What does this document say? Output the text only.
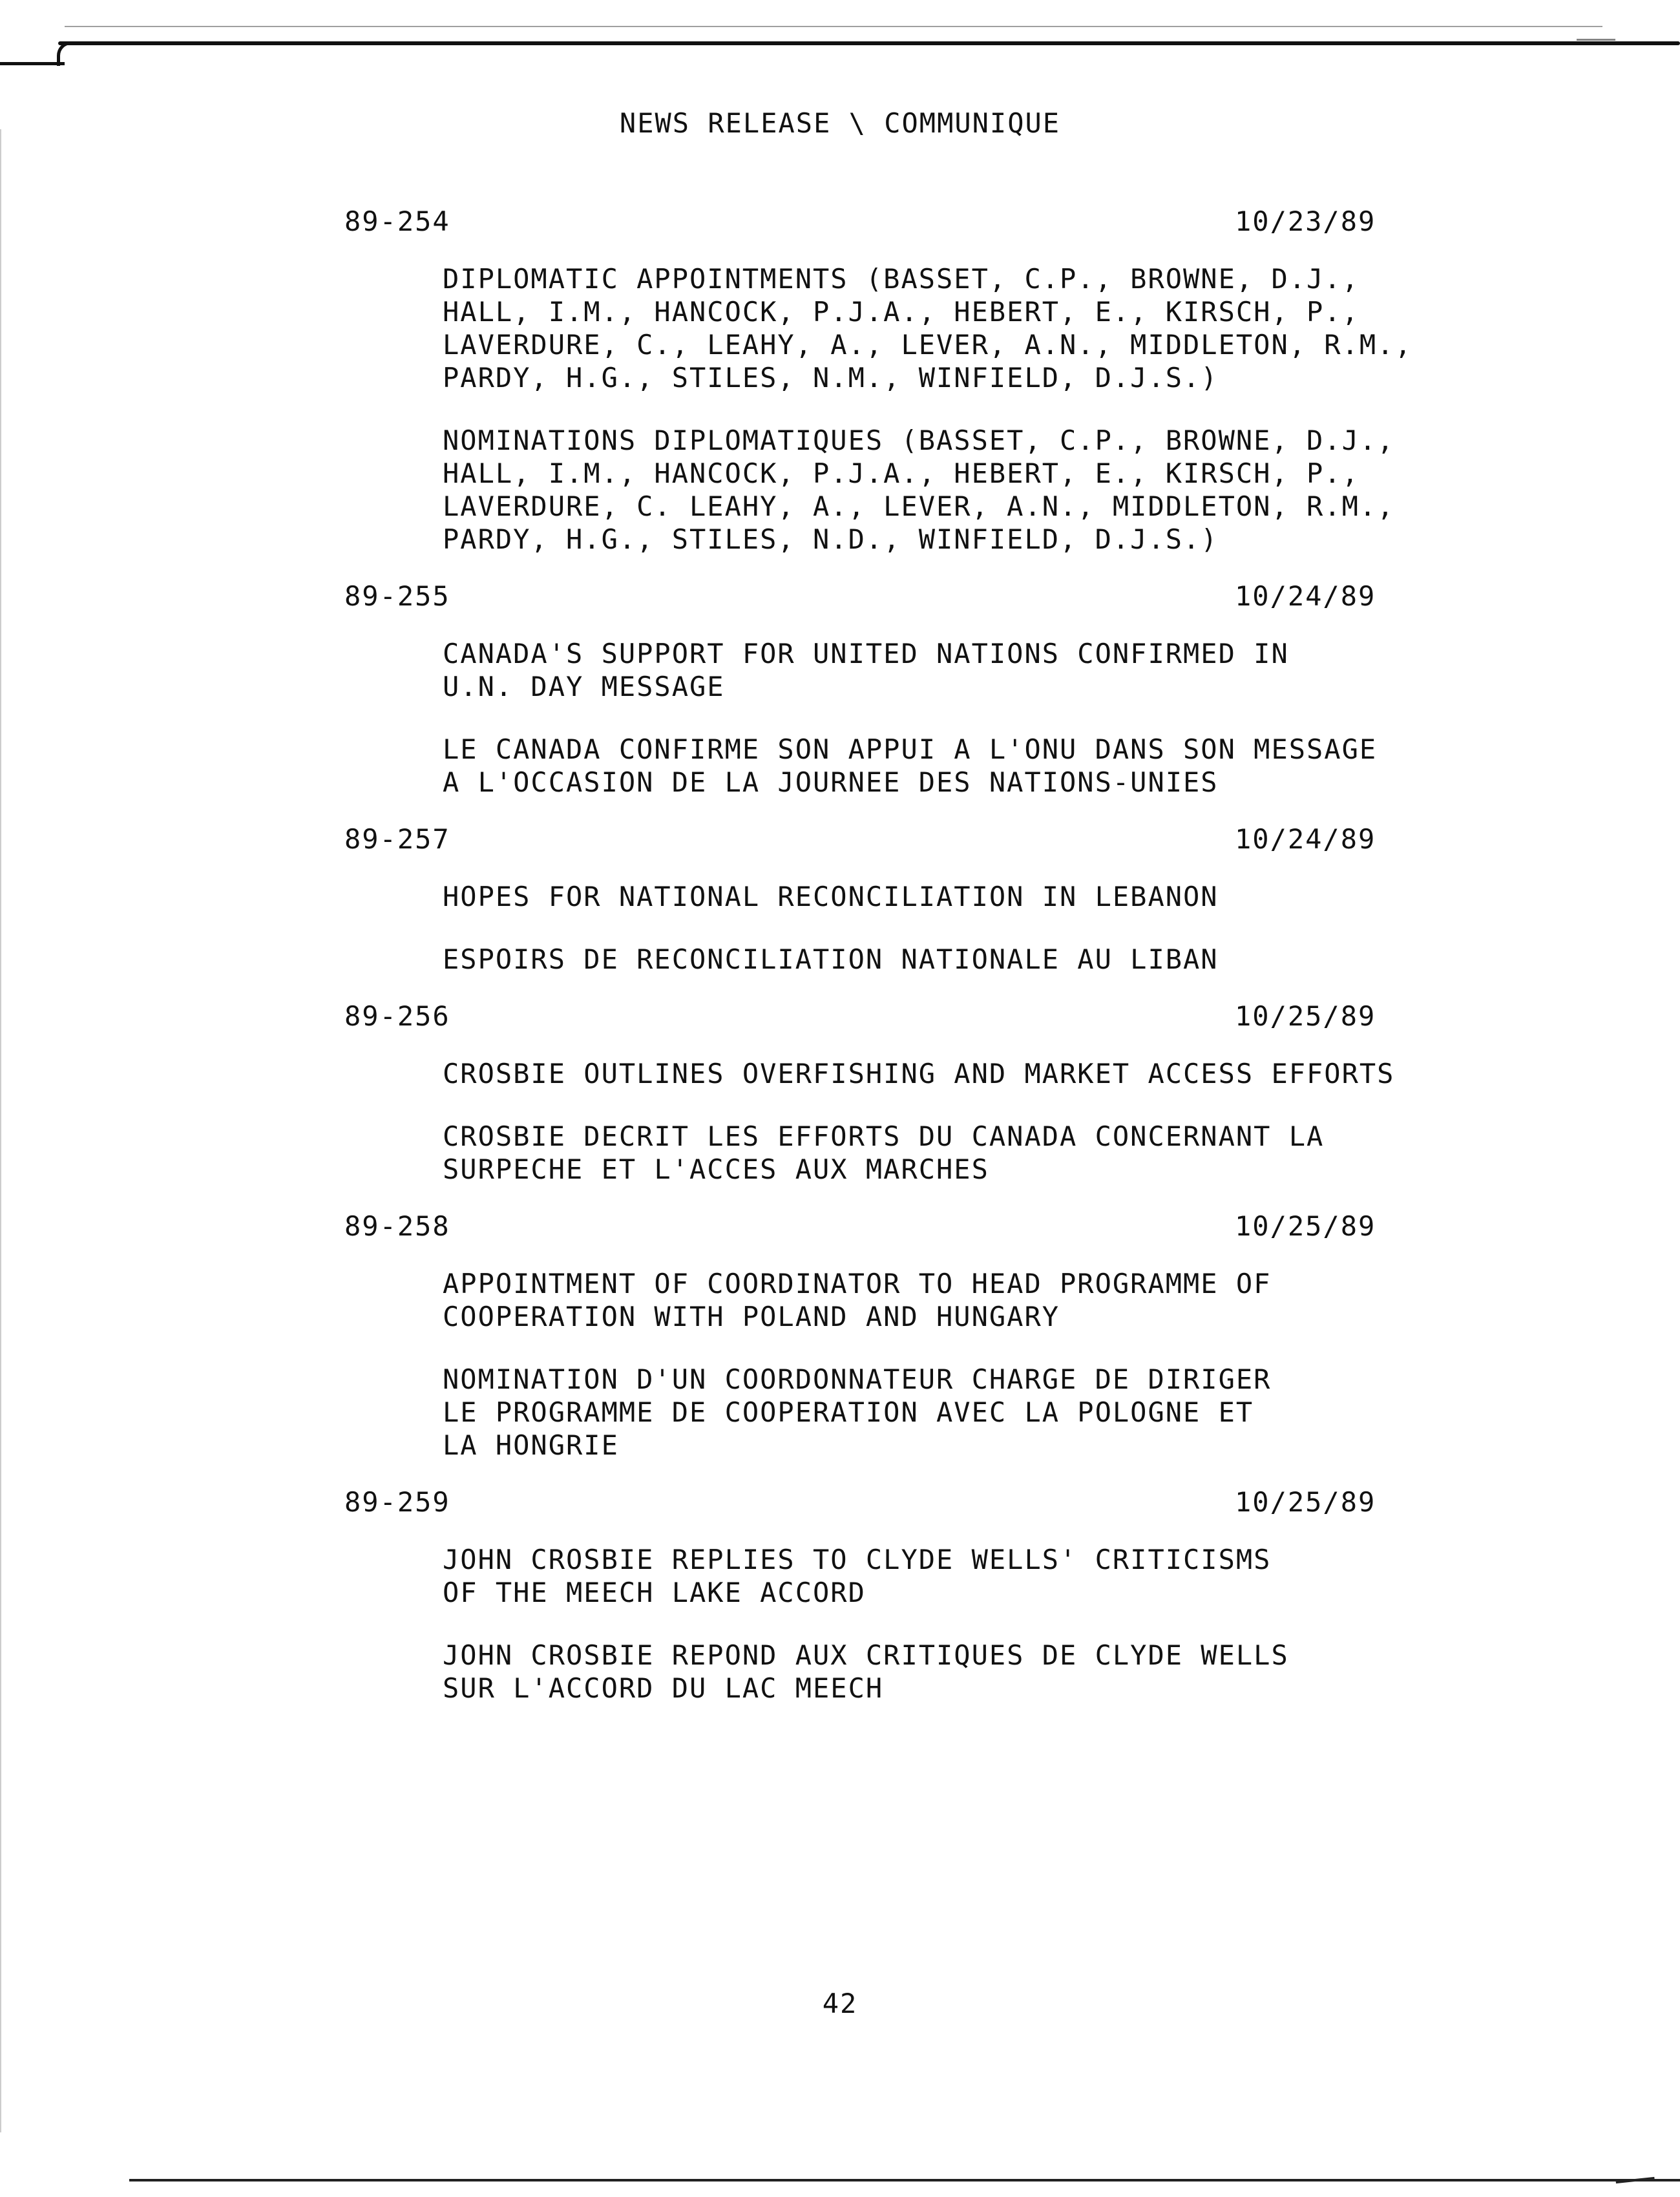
NEWS RELEASE \ COMMUNIQUE
89-254	10/23/89
DIPLOMATIC APPOINTMENTS (BASSET, C.P., BROWNE, D.J.,
HALL, I.M., HANCOCK, P.J.A., HEBERT, E., KIRSCH, P.,
LAVERDURE, C., LEAHY, A., LEVER, A.N., MIDDLETON, R.M.,
PARDY, H.G., STILES, N.M., WINFIELD, D.J.S.)
NOMINATIONS DIPLOMATIQUES (BASSET, C.P., BROWNE, D.J.,
HALL, I.M., HANCOCK, P.J.A., HEBERT, E., KIRSCH, P.,
LAVERDURE, C. LEAHY, A., LEVER, A.N., MIDDLETON, R.M.,
PARDY, H.G., STILES, N.D., WINFIELD, D.J.S.)
89-255	10/24/89
CANADA'S SUPPORT FOR UNITED NATIONS CONFIRMED IN
U.N. DAY MESSAGE
LE CANADA CONFIRME SON APPUI A L'ONU DANS SON MESSAGE
A L'OCCASION DE LA JOURNEE DES NATIONS-UNIES
89-257	10/24/89
HOPES FOR NATIONAL RECONCILIATION IN LEBANON
ESPOIRS DE RECONCILIATION NATIONALE AU LIBAN
89-256	10/25/89
CROSBIE OUTLINES OVERFISHING AND MARKET ACCESS EFFORTS
CROSBIE DECRIT LES EFFORTS DU CANADA CONCERNANT LA
SURPECHE ET L'ACCES AUX MARCHES
89-258	10/25/89
APPOINTMENT OF COORDINATOR TO HEAD PROGRAMME OF
COOPERATION WITH POLAND AND HUNGARY
NOMINATION D'UN COORDONNATEUR CHARGE DE DIRIGER
LE PROGRAMME DE COOPERATION AVEC LA POLOGNE ET
LA HONGRIE
89-259	10/25/89
JOHN CROSBIE REPLIES TO CLYDE WELLS' CRITICISMS
OF THE MEECH LAKE ACCORD
JOHN CROSBIE REPOND AUX CRITIQUES DE CLYDE WELLS
SUR L'ACCORD DU LAC MEECH
42
